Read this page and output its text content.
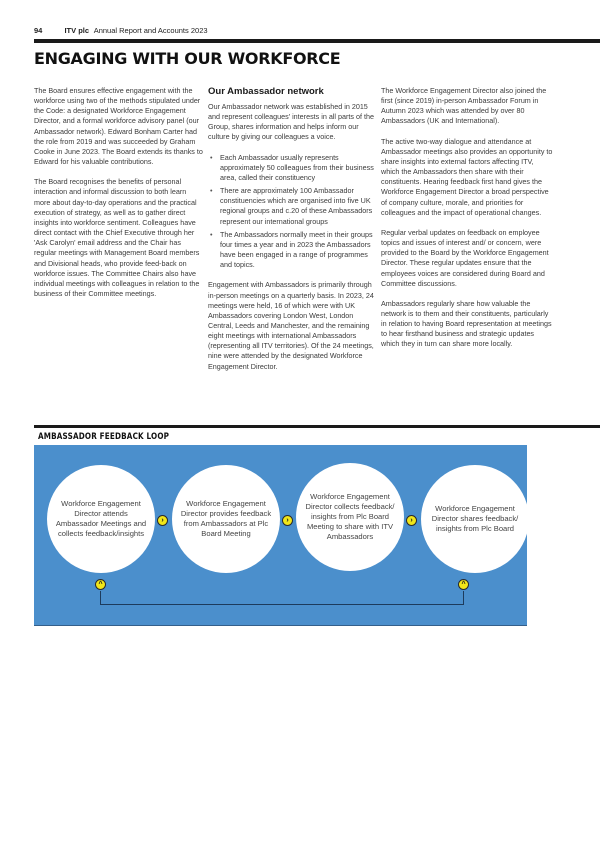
94	ITV plc Annual Report and Accounts 2023
ENGAGING WITH OUR WORKFORCE

The Board ensures effective engagement with the workforce using two of the methods stipulated under the Code: a designated Workforce Engagement Director, and a formal workforce advisory panel (our Ambassador network). Edward Bonham Carter had the role from 2019 and was succeeded by Graham Cooke in June 2023. The Board extends its thanks to Edward for his valuable contributions.

The Board recognises the benefits of personal interaction and informal discussion to both learn more about day-to-day operations and the practical execution of strategy, as well as to gather direct insights into workforce sentiment. Colleagues have direct contact with the Chief Executive through her 'Ask Carolyn' email address and the Chair has regular meetings with Management Board members and Divisional heads, who provide feed-back on workforce issues. The Committee Chairs also have individual meetings with colleagues in relation to the business of their Committee meetings.

Our Ambassador network

Our Ambassador network was established in 2015 and represent colleagues' interests in all parts of the Group, shares information and helps inform our culture by giving our colleagues a voice.

• Each Ambassador usually represents approximately 50 colleagues from their business area, called their constituency
• There are approximately 100 Ambassador constituencies which are organised into five UK regional groups and c.20 of these Ambassadors represent our international groups
• The Ambassadors normally meet in their groups four times a year and in 2023 the Ambassadors have been engaged in a range of programmes and topics.

Engagement with Ambassadors is primarily through in-person meetings on a quarterly basis. In 2023, 24 meetings were held, 16 of which were with UK Ambassadors covering London West, London Central, Leeds and Manchester, and the remaining eight meetings with international Ambassadors (representing all ITV territories). Of the 24 meetings, nine were attended by the designated Workforce Engagement Director.

The Workforce Engagement Director also joined the first (since 2019) in-person Ambassador Forum in Autumn 2023 which was attended by over 80 Ambassadors (UK and International).

The active two-way dialogue and attendance at Ambassador meetings also provides an opportunity to share insights into external factors affecting ITV, which the Ambassadors then share with their constituents. Hearing feedback first hand gives the Workforce Engagement Director a broad perspective of company culture, morale, and priorities for colleagues and the impact of operational changes.

Regular verbal updates on feedback on employee topics and issues of interest and/ or concern, were provided to the Board by the Workforce Engagement Director. These regular updates ensure that the employees voices are considered during Board and Committee discussions.

Ambassadors regularly share how valuable the network is to them and their constituents, particularly in relation to having Board representation at meetings to hear firsthand business and strategic updates which they in turn can share more locally.

AMBASSADOR FEEDBACK LOOP
Workforce Engagement Director attends Ambassador Meetings and collects feedback/insights
Workforce Engagement Director provides feedback from Ambassadors at Plc Board Meeting
Workforce Engagement Director collects feedback/ insights from Plc Board Meeting to share with ITV Ambassadors
Workforce Engagement Director shares feedback/ insights from Plc Board
›	›	›
^	^
